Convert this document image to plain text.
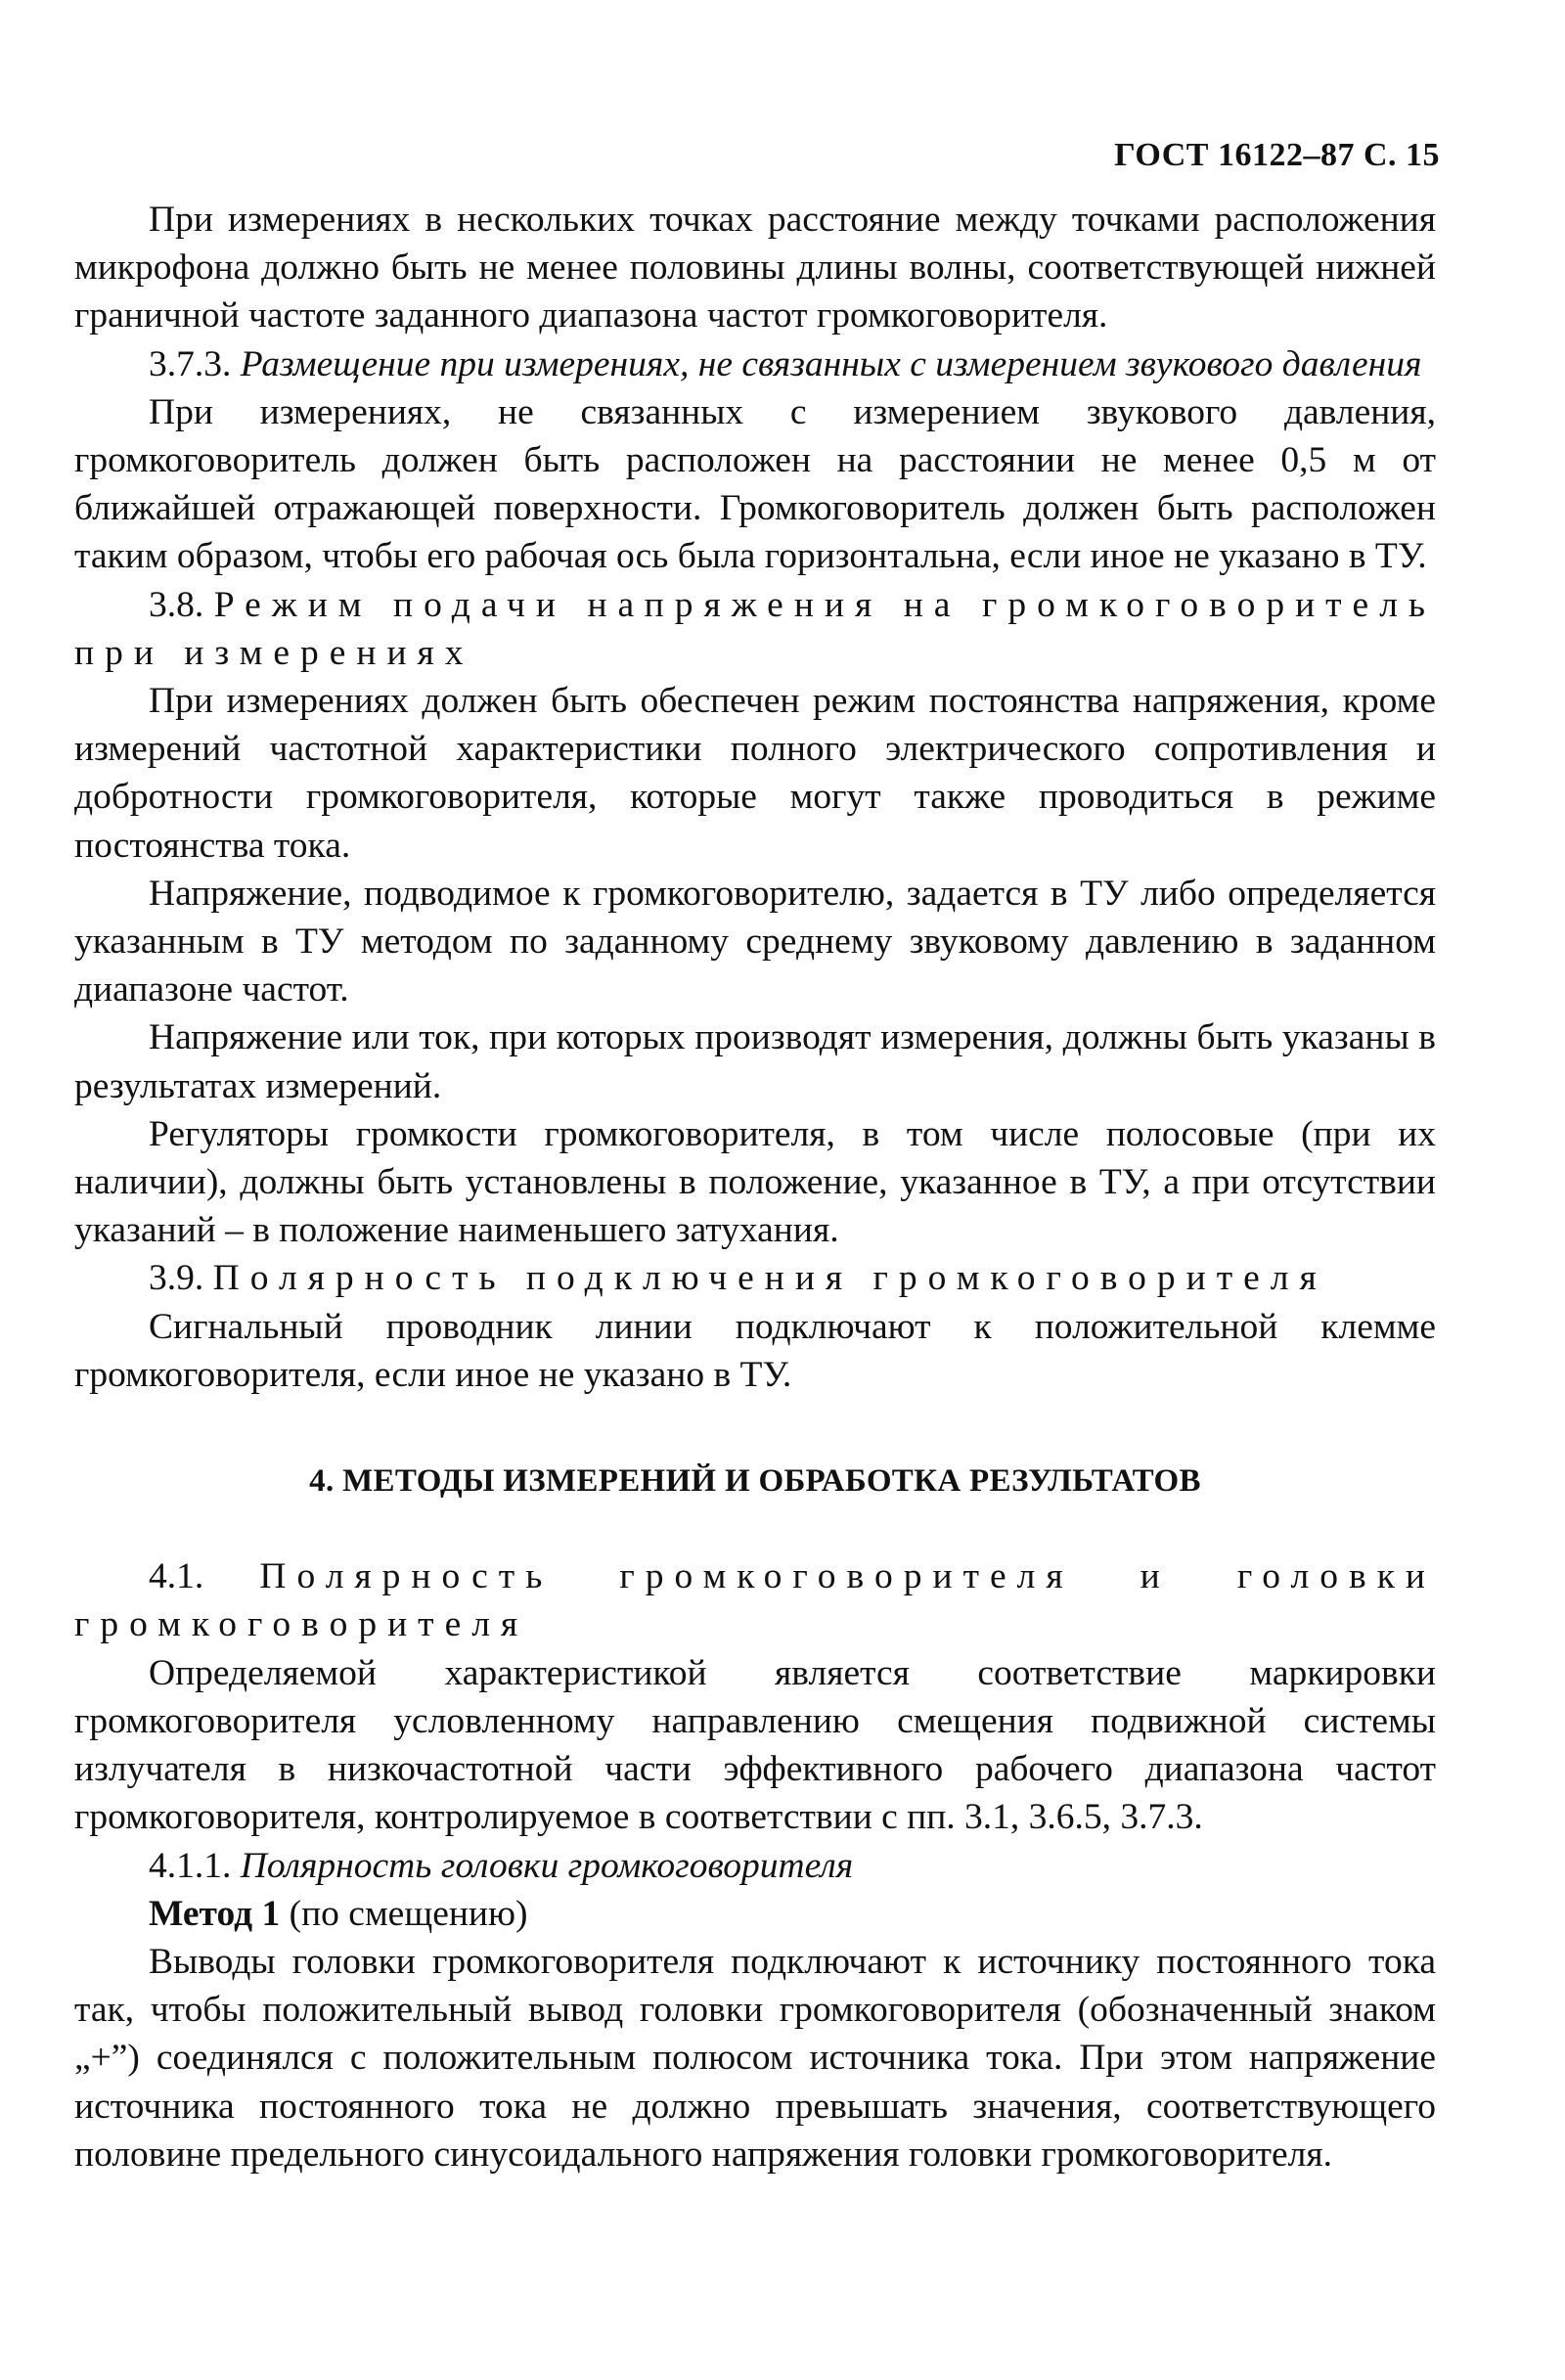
ГОСТ 16122–87 С. 15

При измерениях в нескольких точках расстояние между точками расположения микрофона должно быть не менее половины длины волны, соответствующей нижней граничной частоте заданного диапазона частот громкоговорителя.

3.7.3. Размещение при измерениях, не связанных с измерением звукового давления

При измерениях, не связанных с измерением звукового давления, громкоговоритель должен быть расположен на расстоянии не менее 0,5 м от ближайшей отражающей поверхности. Громкоговоритель должен быть расположен таким образом, чтобы его рабочая ось была горизонтальна, если иное не указано в ТУ.

3.8. Режим подачи напряжения на громкоговоритель при измерениях

При измерениях должен быть обеспечен режим постоянства напряжения, кроме измерений частотной характеристики полного электрического сопротивления и добротности громкоговорителя, которые могут также проводиться в режиме постоянства тока.

Напряжение, подводимое к громкоговорителю, задается в ТУ либо определяется указанным в ТУ методом по заданному среднему звуковому давлению в заданном диапазоне частот.

Напряжение или ток, при которых производят измерения, должны быть указаны в результатах измерений.

Регуляторы громкости громкоговорителя, в том числе полосовые (при их наличии), должны быть установлены в положение, указанное в ТУ, а при отсутствии указаний – в положение наименьшего затухания.

3.9. Полярность подключения громкоговорителя

Сигнальный проводник линии подключают к положительной клемме громкоговорителя, если иное не указано в ТУ.

4. МЕТОДЫ ИЗМЕРЕНИЙ И ОБРАБОТКА РЕЗУЛЬТАТОВ

4.1. Полярность громкоговорителя и головки громкоговорителя

Определяемой характеристикой является соответствие маркировки громкоговорителя условленному направлению смещения подвижной системы излучателя в низкочастотной части эффективного рабочего диапазона частот громкоговорителя, контролируемое в соответствии с пп. 3.1, 3.6.5, 3.7.3.

4.1.1. Полярность головки громкоговорителя

Метод 1 (по смещению)

Выводы головки громкоговорителя подключают к источнику постоянного тока так, чтобы положительный вывод головки громкоговорителя (обозначенный знаком „+”) соединялся с положительным полюсом источника тока. При этом напряжение источника постоянного тока не должно превышать значения, соответствующего половине предельного синусоидального напряжения головки громкоговорителя.
